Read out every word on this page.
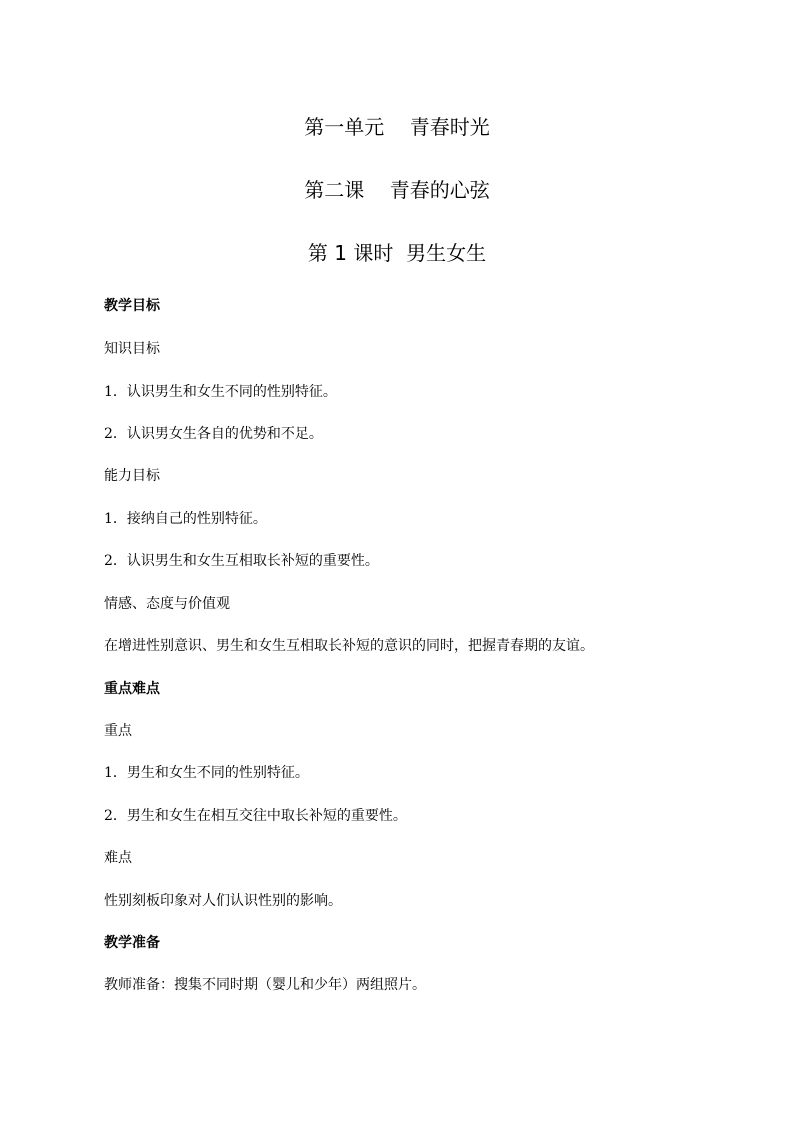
第一单元    青春时光
第二课    青春的心弦
第 1 课时  男生女生
教学目标
知识目标
1．认识男生和女生不同的性别特征。
2．认识男女生各自的优势和不足。
能力目标
1．接纳自己的性别特征。
2．认识男生和女生互相取长补短的重要性。
情感、态度与价值观
在增进性别意识、男生和女生互相取长补短的意识的同时，把握青春期的友谊。
重点难点
重点
1．男生和女生不同的性别特征。
2．男生和女生在相互交往中取长补短的重要性。
难点
性别刻板印象对人们认识性别的影响。
教学准备
教师准备：搜集不同时期（婴儿和少年）两组照片。
